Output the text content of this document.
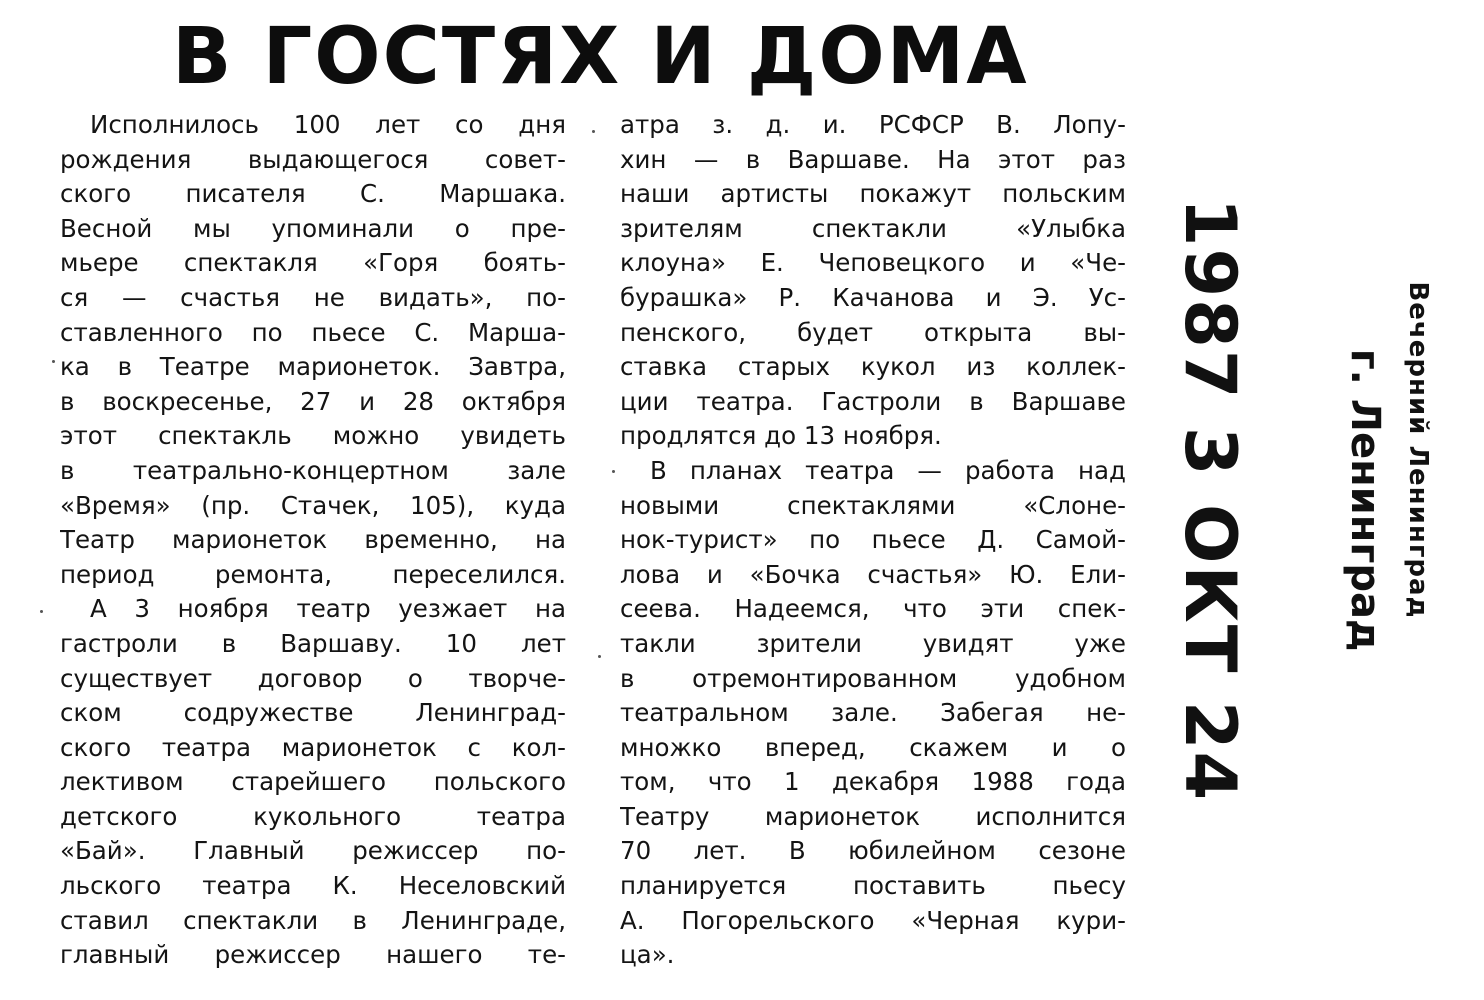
В ГОСТЯХ И ДОМА
Исполнилось 100 лет со дня
рождения выдающегося совет-
ского писателя С. Маршака.
Весной мы упоминали о пре-
мьере спектакля «Горя боять-
ся — счастья не видать», по-
ставленного по пьесе С. Марша-
ка в Театре марионеток. Завтра,
в воскресенье, 27 и 28 октября
этот спектакль можно увидеть
в театрально-концертном зале
«Время» (пр. Стачек, 105), куда
Театр марионеток временно, на
период ремонта, переселился.
А 3 ноября театр уезжает на
гастроли в Варшаву. 10 лет
существует договор о творче-
ском содружестве Ленинград-
ского театра марионеток с кол-
лективом старейшего польского
детского кукольного театра
«Бай». Главный режиссер по-
льского театра К. Неселовский
ставил спектакли в Ленинграде,
главный режиссер нашего те-
атра з. д. и. РСФСР В. Лопу-
хин — в Варшаве. На этот раз
наши артисты покажут польским
зрителям спектакли «Улыбка
клоуна» Е. Чеповецкого и «Че-
бурашка» Р. Качанова и Э. Ус-
пенского, будет открыта вы-
ставка старых кукол из коллек-
ции театра. Гастроли в Варшаве
продлятся до 13 ноября.
В планах театра — работа над
новыми спектаклями «Слоне-
нок-турист» по пьесе Д. Самой-
лова и «Бочка счастья» Ю. Ели-
сеева. Надеемся, что эти спек-
такли зрители увидят уже
в отремонтированном удобном
театральном зале. Забегая не-
множко вперед, скажем и о
том, что 1 декабря 1988 года
Театру марионеток исполнится
70 лет. В юбилейном сезоне
планируется поставить пьесу
А. Погорельского «Черная кури-
ца».
1987 3 ОКТ 24 г. Ленинград Вечерний Ленинград
